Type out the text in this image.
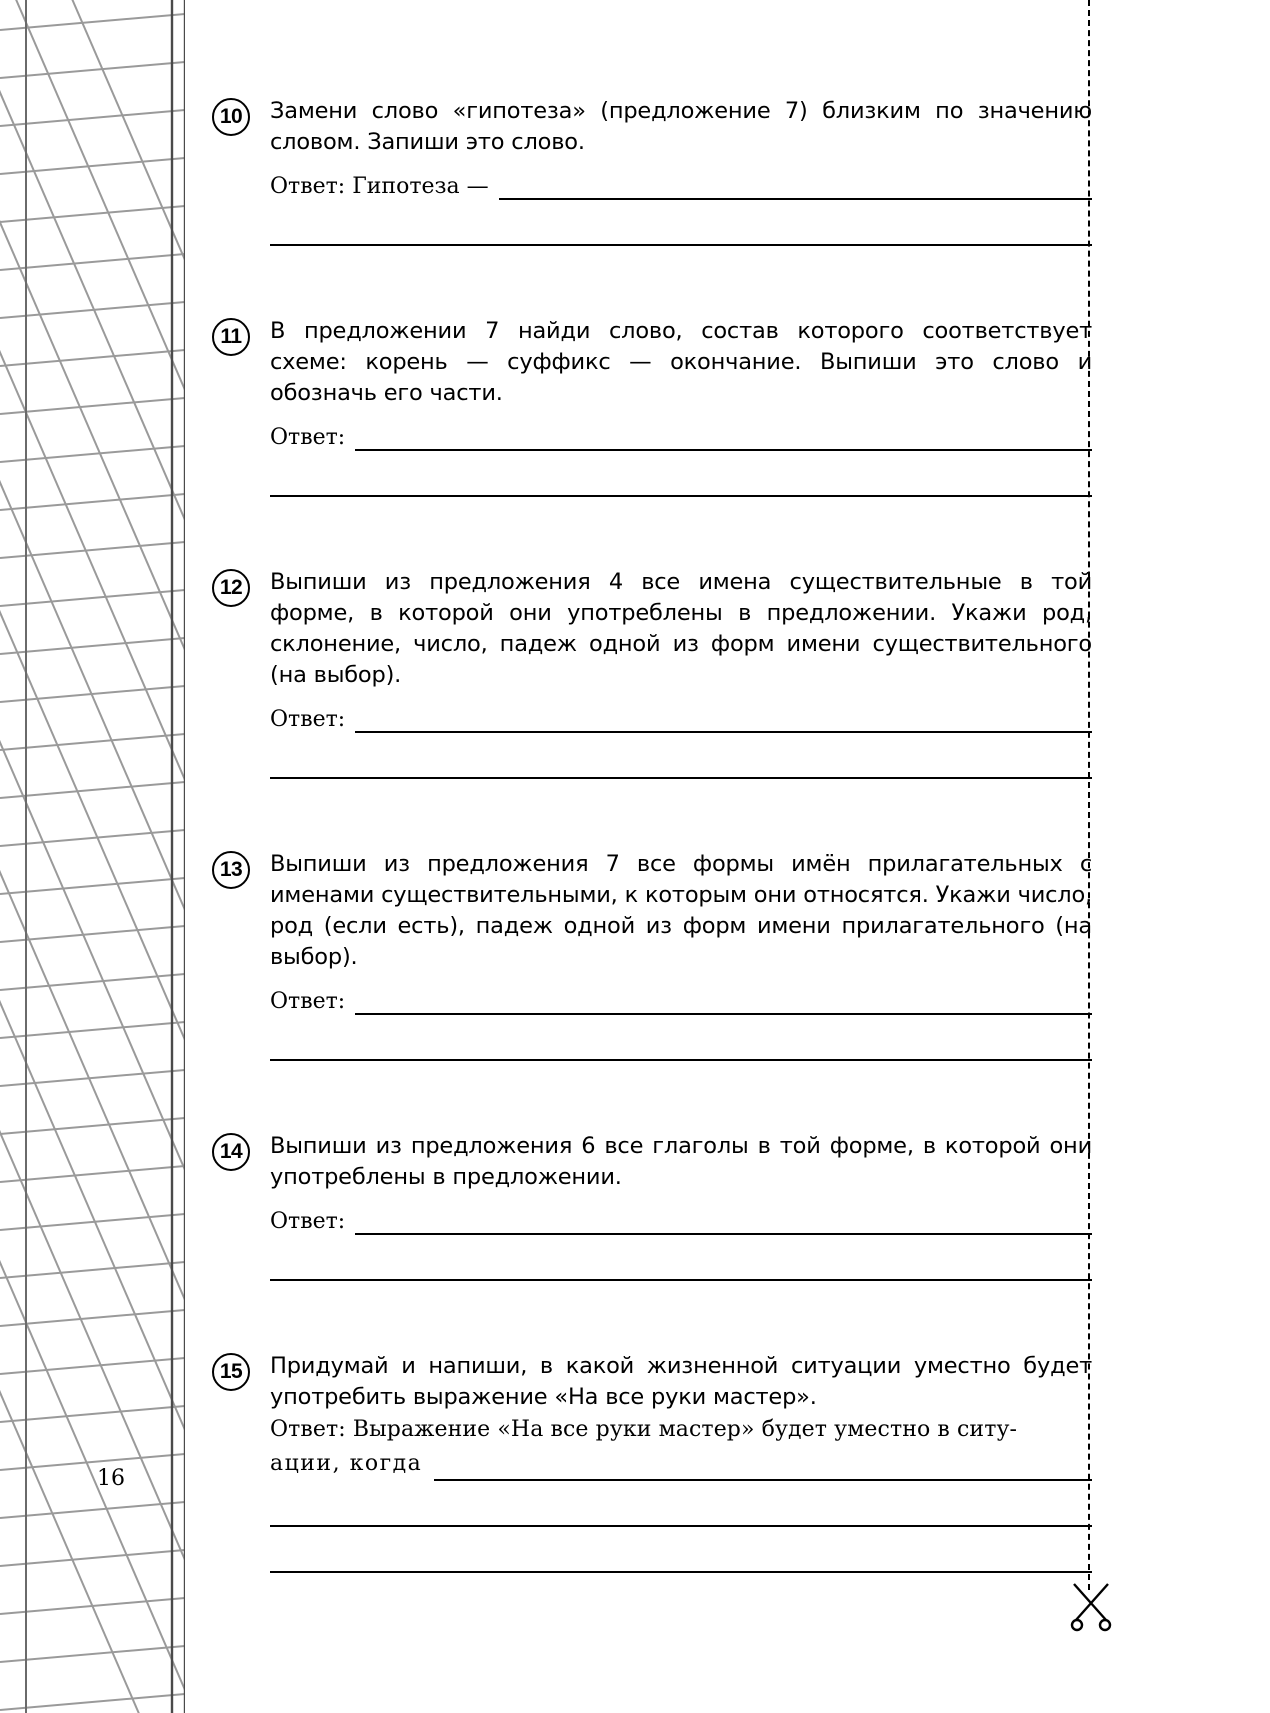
10	Замени слово «гипотеза» (предложение 7) близким по значению словом. Запиши это слово.

Ответ: Гипотеза —
11	В предложении 7 найди слово, состав которого соответствует схеме: корень — суффикс — окончание. Выпиши это слово и обозначь его части.

Ответ:
12	Выпиши из предложения 4 все имена существительные в той форме, в которой они употреблены в предложении. Укажи род, склонение, число, падеж одной из форм имени существительного (на выбор).

Ответ:
13	Выпиши из предложения 7 все формы имён прилагательных с именами существительными, к которым они относятся. Укажи число, род (если есть), падеж одной из форм имени прилагательного (на выбор).

Ответ:
14	Выпиши из предложения 6 все глаголы в той форме, в которой они употреблены в предложении.

Ответ:
15	Придумай и напиши, в какой жизненной ситуации уместно будет употребить выражение «На все руки мастер».

Ответ: Выражение «На все руки мастер» будет уместно в ситу-
ации, когда
16
